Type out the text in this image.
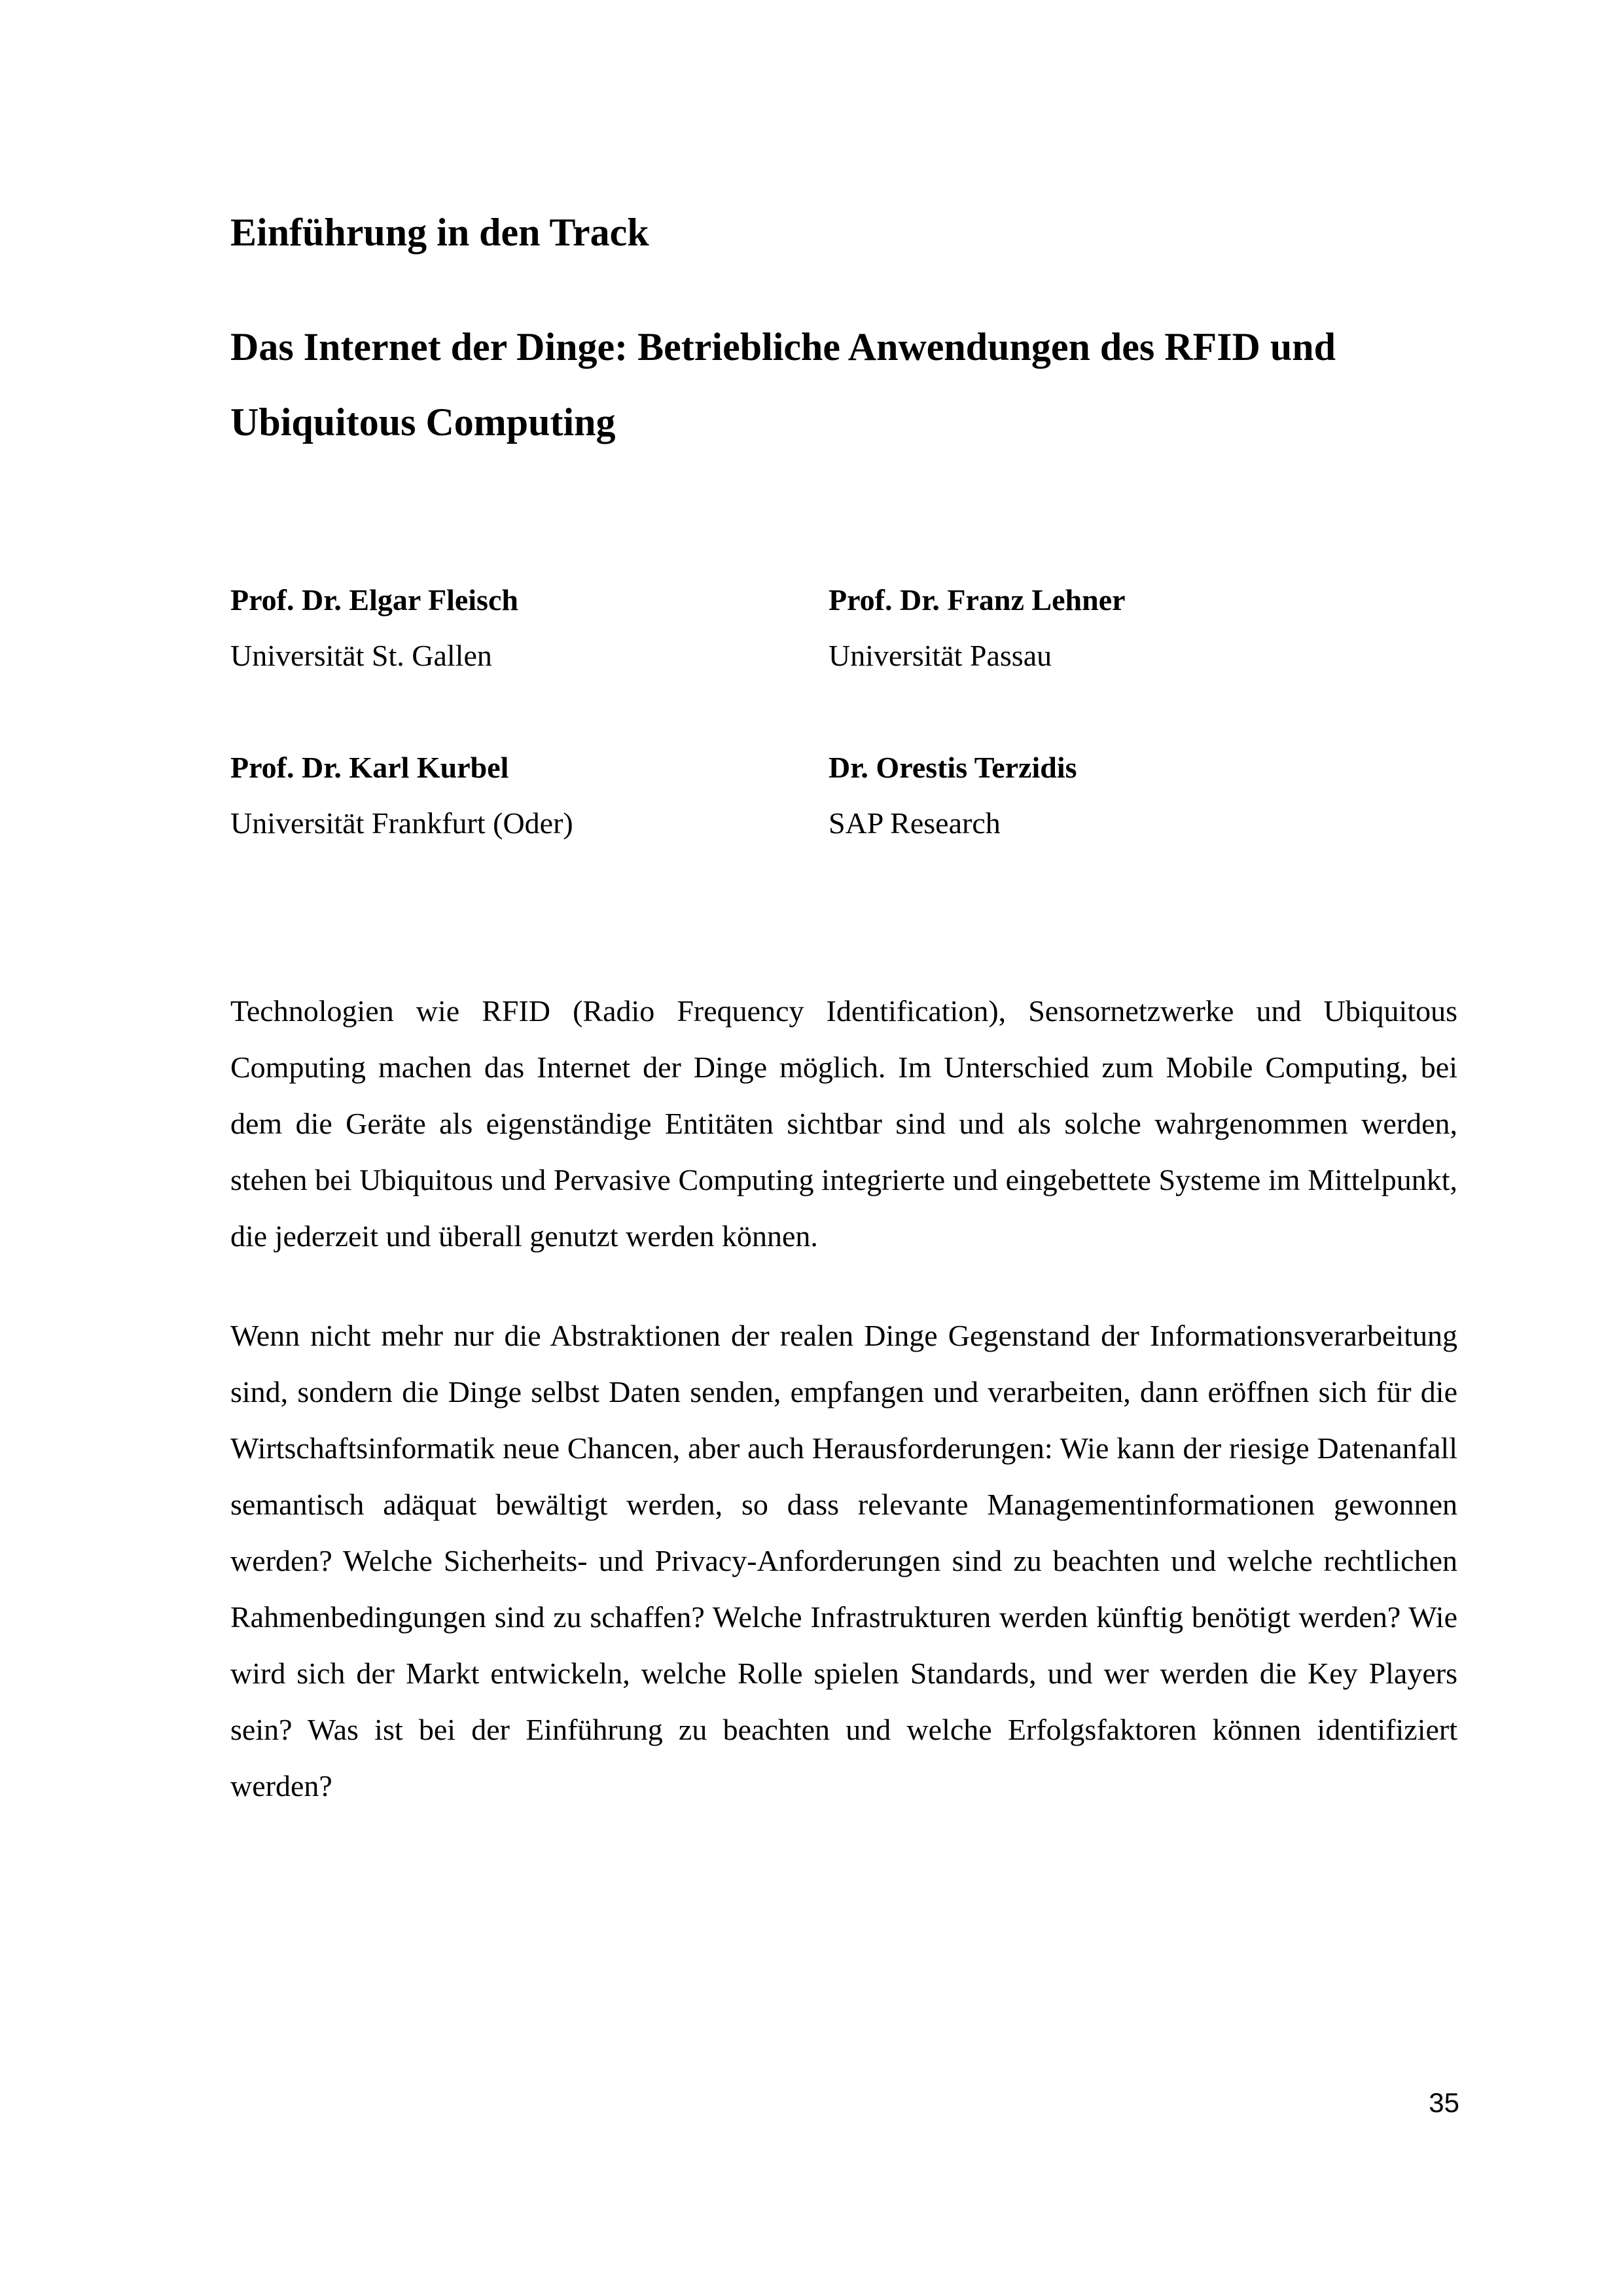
Einführung in den Track
Das Internet der Dinge: Betriebliche Anwendungen des RFID und
Ubiquitous Computing
Prof. Dr. Elgar Fleisch
Universität St. Gallen
Prof. Dr. Franz Lehner
Universität Passau
Prof. Dr. Karl Kurbel
Universität Frankfurt (Oder)
Dr. Orestis Terzidis
SAP Research

Technologien wie RFID (Radio Frequency Identification), Sensornetzwerke und Ubiquitous Computing machen das Internet der Dinge möglich. Im Unterschied zum Mobile Computing, bei dem die Geräte als eigenständige Entitäten sichtbar sind und als solche wahrgenommen werden, stehen bei Ubiquitous und Pervasive Computing integrierte und eingebettete Systeme im Mittelpunkt, die jederzeit und überall genutzt werden können.

Wenn nicht mehr nur die Abstraktionen der realen Dinge Gegenstand der Informationsverarbeitung sind, sondern die Dinge selbst Daten senden, empfangen und verarbeiten, dann eröffnen sich für die Wirtschaftsinformatik neue Chancen, aber auch Herausforderungen: Wie kann der riesige Datenanfall semantisch adäquat bewältigt werden, so dass relevante Managementinformationen gewonnen werden? Welche Sicherheits- und Privacy-Anforderungen sind zu beachten und welche rechtlichen Rahmenbedingungen sind zu schaffen? Welche Infrastrukturen werden künftig benötigt werden? Wie wird sich der Markt entwickeln, welche Rolle spielen Standards, und wer werden die Key Players sein? Was ist bei der Einführung zu beachten und welche Erfolgsfaktoren können identifiziert werden?

35
